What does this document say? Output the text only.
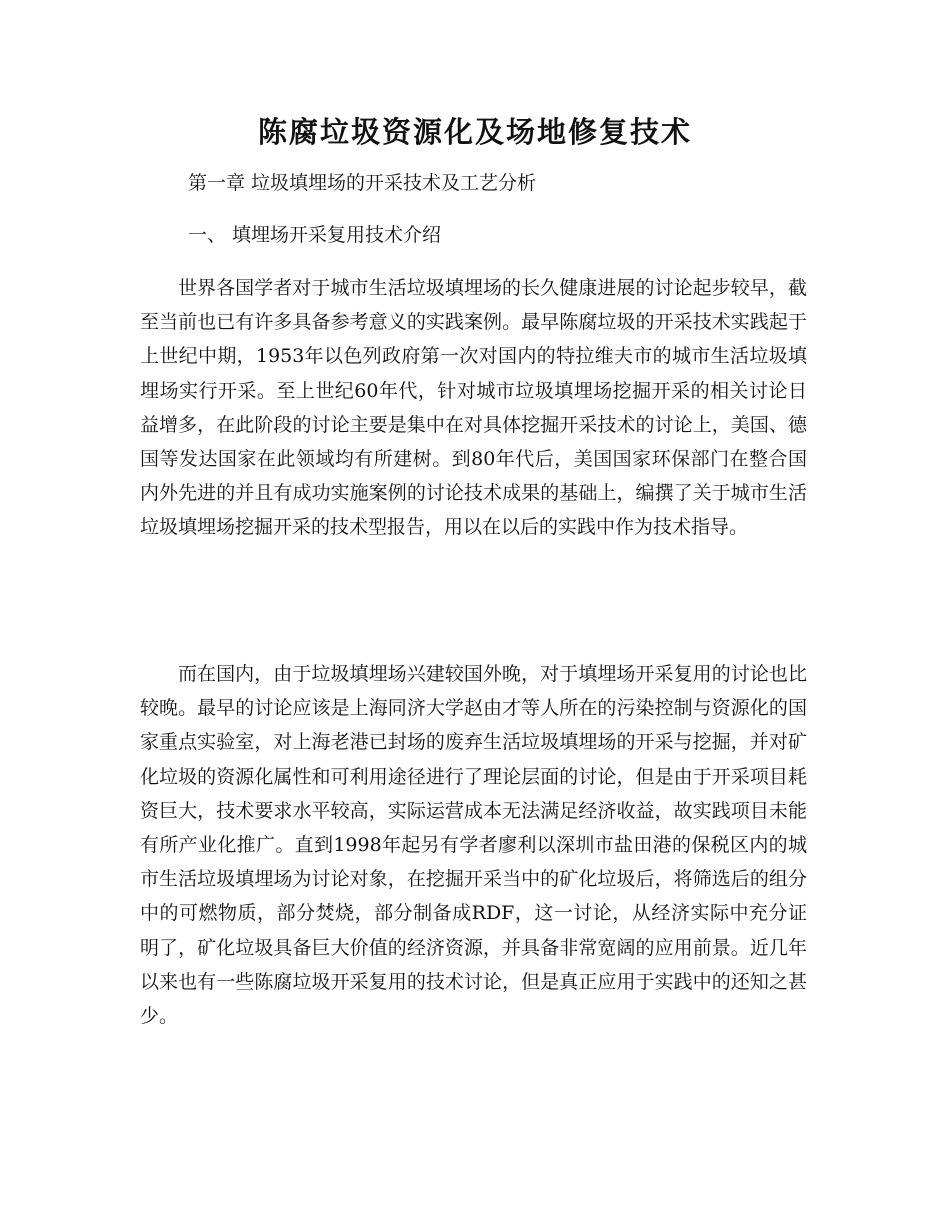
陈腐垃圾资源化及场地修复技术
第一章 垃圾填埋场的开采技术及工艺分析
一、 填埋场开采复用技术介绍

世界各国学者对于城市生活垃圾填埋场的长久健康进展的讨论起步较早，截至当前也已有许多具备参考意义的实践案例。最早陈腐垃圾的开采技术实践起于上世纪中期，1953年以色列政府第一次对国内的特拉维夫市的城市生活垃圾填埋场实行开采。至上世纪60年代，针对城市垃圾填埋场挖掘开采的相关讨论日益增多，在此阶段的讨论主要是集中在对具体挖掘开采技术的讨论上，美国、德国等发达国家在此领域均有所建树。到80年代后，美国国家环保部门在整合国内外先进的并且有成功实施案例的讨论技术成果的基础上，编撰了关于城市生活垃圾填埋场挖掘开采的技术型报告，用以在以后的实践中作为技术指导。

而在国内，由于垃圾填埋场兴建较国外晚，对于填埋场开采复用的讨论也比较晚。最早的讨论应该是上海同济大学赵由才等人所在的污染控制与资源化的国家重点实验室，对上海老港已封场的废弃生活垃圾填埋场的开采与挖掘，并对矿化垃圾的资源化属性和可利用途径进行了理论层面的讨论，但是由于开采项目耗资巨大，技术要求水平较高，实际运营成本无法满足经济收益，故实践项目未能有所产业化推广。直到1998年起另有学者廖利以深圳市盐田港的保税区内的城市生活垃圾填埋场为讨论对象，在挖掘开采当中的矿化垃圾后，将筛选后的组分中的可燃物质，部分焚烧，部分制备成RDF，这一讨论，从经济实际中充分证明了，矿化垃圾具备巨大价值的经济资源，并具备非常宽阔的应用前景。近几年以来也有一些陈腐垃圾开采复用的技术讨论，但是真正应用于实践中的还知之甚少。
